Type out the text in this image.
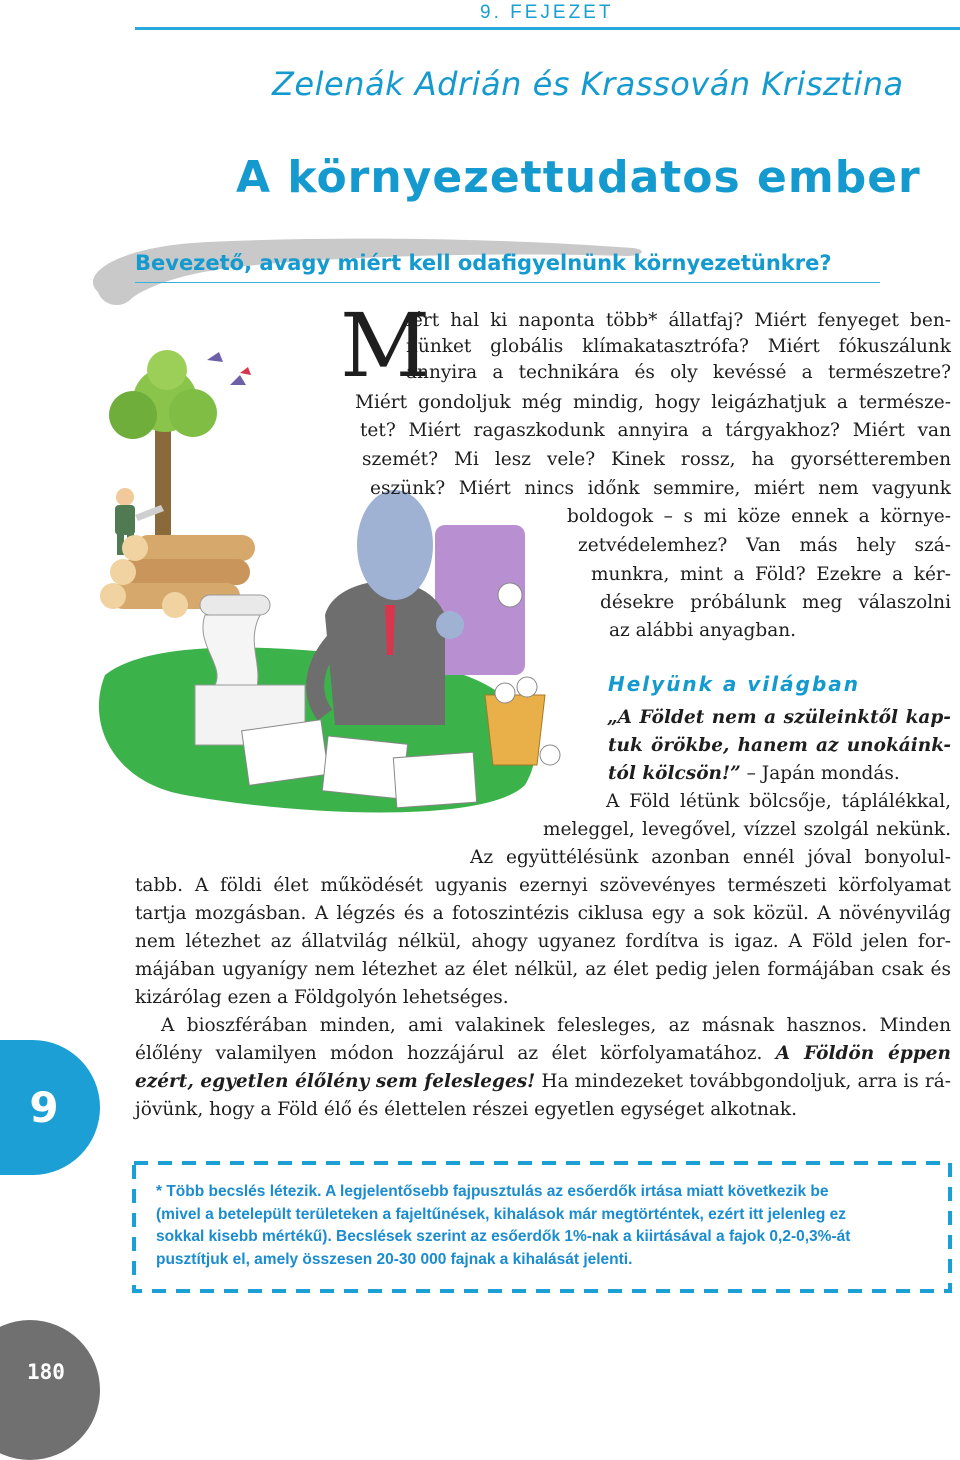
9. FEJEZET
Zelenák Adrián és Krassován Krisztina
A környezettudatos ember
Bevezető, avagy miért kell odafigyelnünk környezetünkre?
M
iért hal ki naponta több* állatfaj? Miért fenyeget ben-
nünket globális klímakatasztrófa? Miért fókuszálunk
annyira a technikára és oly kevéssé a természetre?
Miért gondoljuk még mindig, hogy leigázhatjuk a természe-
tet? Miért ragaszkodunk annyira a tárgyakhoz? Miért van
szemét? Mi lesz vele? Kinek rossz, ha gyorsétteremben
eszünk? Miért nincs időnk semmire, miért nem vagyunk
boldogok – s mi köze ennek a környe-
zetvédelemhez? Van más hely szá-
munkra, mint a Föld? Ezekre a kér-
désekre próbálunk meg válaszolni
az alábbi anyagban.
Helyünk a világban
„A Földet nem a szüleinktől kap-
tuk örökbe, hanem az unokáink-
tól kölcsön!” – Japán mondás.
A Föld létünk bölcsője, táplálékkal,
meleggel, levegővel, vízzel szolgál nekünk.
Az együttélésünk azonban ennél jóval bonyolul-
tabb. A földi élet működését ugyanis ezernyi szövevényes természeti körfolyamat
tartja mozgásban. A légzés és a fotoszintézis ciklusa egy a sok közül. A növényvilág
nem létezhet az állatvilág nélkül, ahogy ugyanez fordítva is igaz. A Föld jelen for-
májában ugyanígy nem létezhet az élet nélkül, az élet pedig jelen formájában csak és
kizárólag ezen a Földgolyón lehetséges.
A bioszférában minden, ami valakinek felesleges, az másnak hasznos. Minden
élőlény valamilyen módon hozzájárul az élet körfolyamatához. A Földön éppen
ezért, egyetlen élőlény sem felesleges! Ha mindezeket továbbgondoljuk, arra is rá-
jövünk, hogy a Föld élő és élettelen részei egyetlen egységet alkotnak.
9
* Több becslés létezik. A legjelentősebb fajpusztulás az esőerdők irtása miatt következik be
(mivel a betelepült területeken a fajeltűnések, kihalások már megtörténtek, ezért itt jelenleg ez
sokkal kisebb mértékű). Becslések szerint az esőerdők 1%-nak a kiirtásával a fajok 0,2-0,3%-át
pusztítjuk el, amely összesen 20-30 000 fajnak a kihalását jelenti.
180
